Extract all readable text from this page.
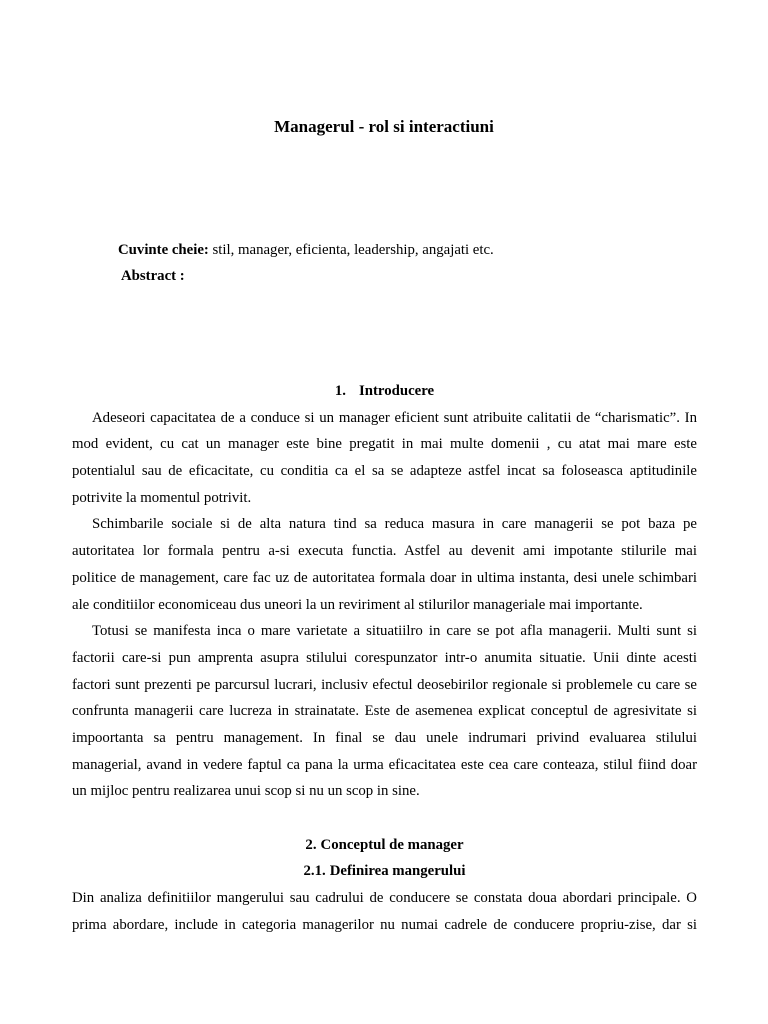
Managerul - rol si interactiuni
Cuvinte cheie: stil, manager, eficienta, leadership, angajati etc.
Abstract :
1. Introducere
Adeseori capacitatea de a conduce si un manager eficient sunt atribuite calitatii de “charismatic”. In
mod evident, cu cat un manager este bine pregatit in mai multe domenii , cu atat mai mare este
potentialul sau de eficacitate, cu conditia ca el sa se adapteze astfel incat sa foloseasca aptitudinile
potrivite la momentul potrivit.
Schimbarile sociale si de alta natura tind sa reduca masura in care managerii se pot baza pe
autoritatea lor formala pentru a-si executa functia. Astfel au devenit ami impotante stilurile mai
politice de management, care fac uz de autoritatea formala doar in ultima instanta, desi unele schimbari
ale conditiilor economiceau dus uneori la un reviriment al stilurilor manageriale mai importante.
Totusi se manifesta inca o mare varietate a situatiilro in care se pot afla managerii. Multi sunt si
factorii care-si pun amprenta asupra stilului corespunzator intr-o anumita situatie. Unii dinte acesti
factori sunt prezenti pe parcursul lucrari, inclusiv efectul deosebirilor regionale si problemele cu care se
confrunta managerii care lucreza in strainatate. Este de asemenea explicat conceptul de agresivitate si
impoortanta sa pentru management. In final se dau unele indrumari privind evaluarea stilului
managerial, avand in vedere faptul ca pana la urma eficacitatea este cea care conteaza, stilul fiind doar
un mijloc pentru realizarea unui scop si nu un scop in sine.
2. Conceptul de manager
2.1. Definirea mangerului
Din analiza definitiilor mangerului sau cadrului de conducere se constata doua abordari principale. O
prima abordare, include in categoria managerilor nu numai cadrele de conducere propriu-zise, dar si
